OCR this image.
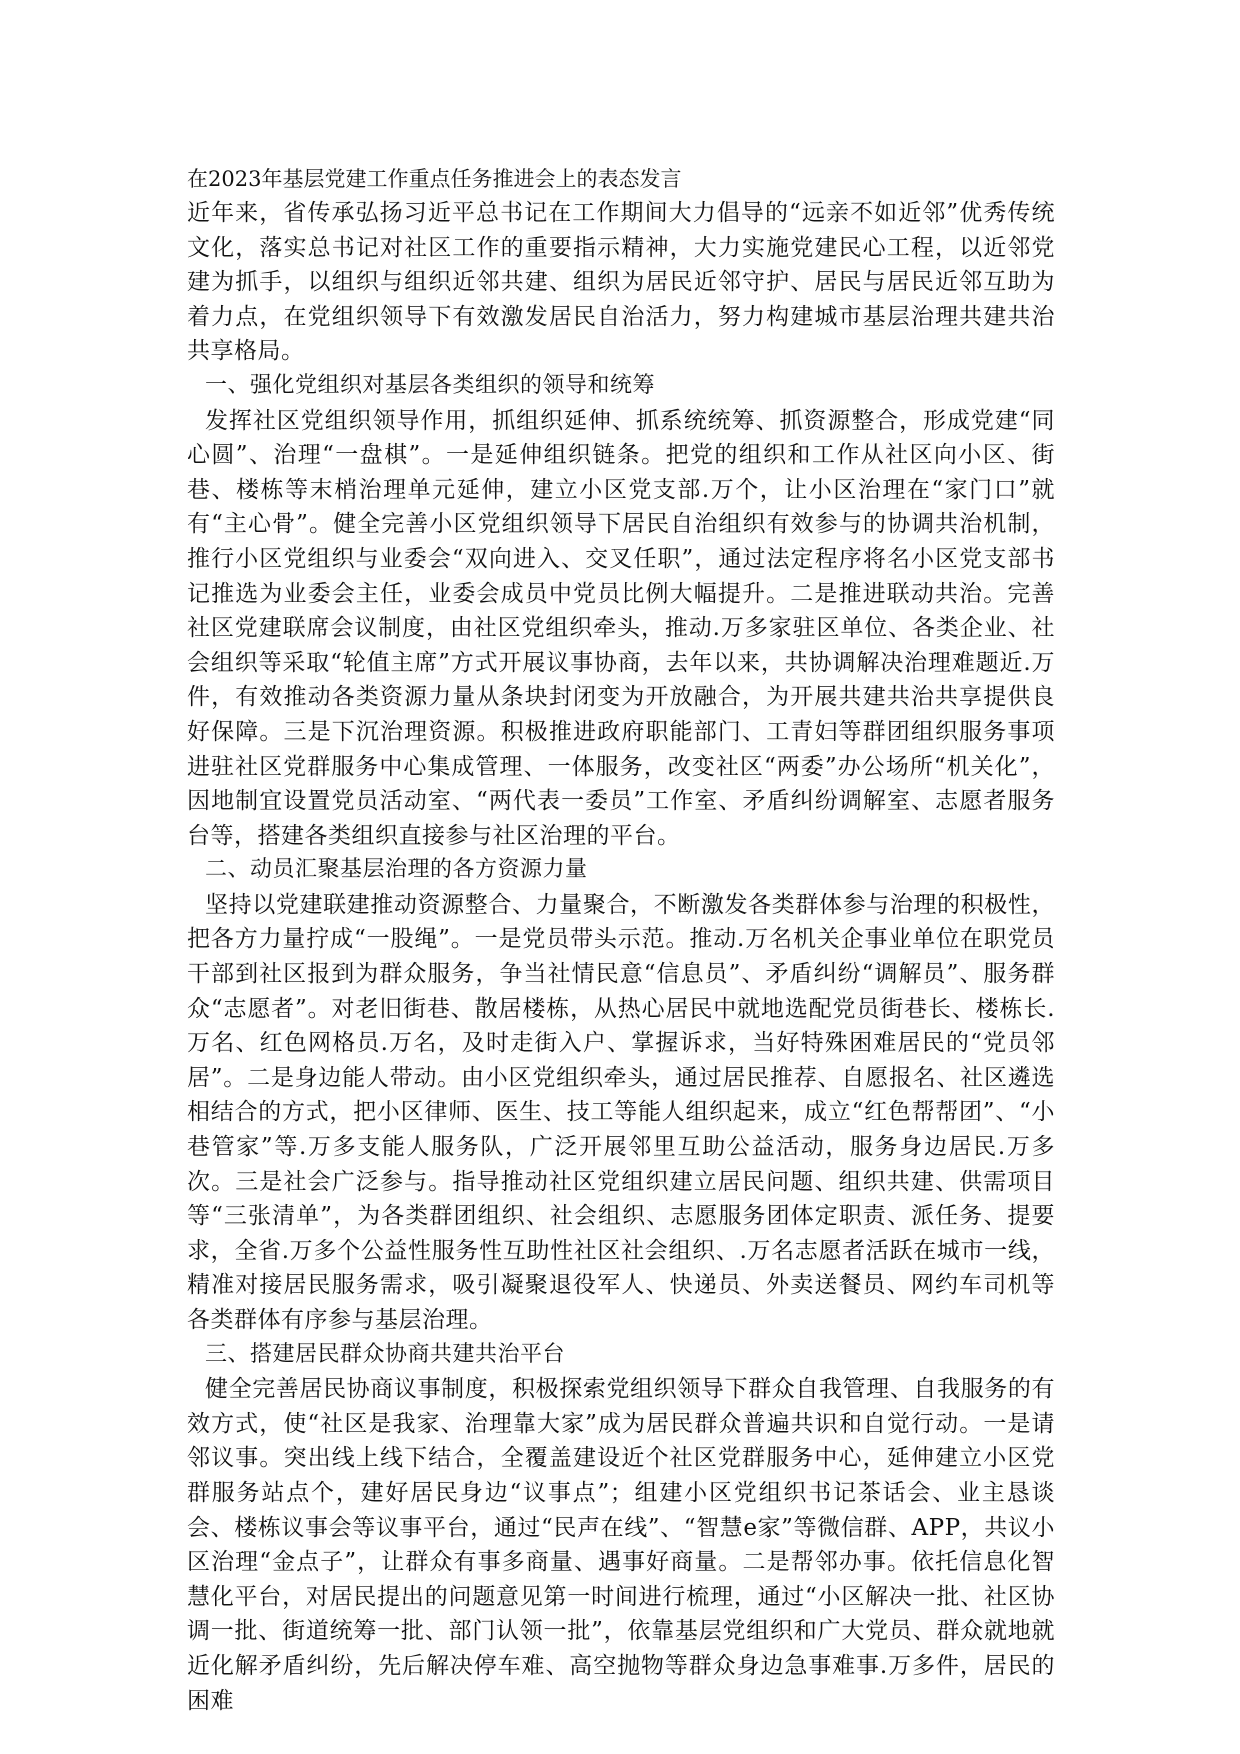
在2023年基层党建工作重点任务推进会上的表态发言

近年来，省传承弘扬习近平总书记在工作期间大力倡导的“远亲不如近邻”优秀传统文化，落实总书记对社区工作的重要指示精神，大力实施党建民心工程，以近邻党建为抓手，以组织与组织近邻共建、组织为居民近邻守护、居民与居民近邻互助为着力点，在党组织领导下有效激发居民自治活力，努力构建城市基层治理共建共治共享格局。

一、强化党组织对基层各类组织的领导和统筹

发挥社区党组织领导作用，抓组织延伸、抓系统统筹、抓资源整合，形成党建“同心圆”、治理“一盘棋”。一是延伸组织链条。把党的组织和工作从社区向小区、街巷、楼栋等末梢治理单元延伸，建立小区党支部.万个，让小区治理在“家门口”就有“主心骨”。健全完善小区党组织领导下居民自治组织有效参与的协调共治机制，推行小区党组织与业委会“双向进入、交叉任职”，通过法定程序将名小区党支部书记推选为业委会主任，业委会成员中党员比例大幅提升。二是推进联动共治。完善社区党建联席会议制度，由社区党组织牵头，推动.万多家驻区单位、各类企业、社会组织等采取“轮值主席”方式开展议事协商，去年以来，共协调解决治理难题近.万件，有效推动各类资源力量从条块封闭变为开放融合，为开展共建共治共享提供良好保障。三是下沉治理资源。积极推进政府职能部门、工青妇等群团组织服务事项进驻社区党群服务中心集成管理、一体服务，改变社区“两委”办公场所“机关化”，因地制宜设置党员活动室、“两代表一委员”工作室、矛盾纠纷调解室、志愿者服务台等，搭建各类组织直接参与社区治理的平台。

二、动员汇聚基层治理的各方资源力量

坚持以党建联建推动资源整合、力量聚合，不断激发各类群体参与治理的积极性，把各方力量拧成“一股绳”。一是党员带头示范。推动.万名机关企事业单位在职党员干部到社区报到为群众服务，争当社情民意“信息员”、矛盾纠纷“调解员”、服务群众“志愿者”。对老旧街巷、散居楼栋，从热心居民中就地选配党员街巷长、楼栋长.万名、红色网格员.万名，及时走街入户、掌握诉求，当好特殊困难居民的“党员邻居”。二是身边能人带动。由小区党组织牵头，通过居民推荐、自愿报名、社区遴选相结合的方式，把小区律师、医生、技工等能人组织起来，成立“红色帮帮团”、“小巷管家”等.万多支能人服务队，广泛开展邻里互助公益活动，服务身边居民.万多次。三是社会广泛参与。指导推动社区党组织建立居民问题、组织共建、供需项目等“三张清单”，为各类群团组织、社会组织、志愿服务团体定职责、派任务、提要求，全省.万多个公益性服务性互助性社区社会组织、.万名志愿者活跃在城市一线，精准对接居民服务需求，吸引凝聚退役军人、快递员、外卖送餐员、网约车司机等各类群体有序参与基层治理。

三、搭建居民群众协商共建共治平台

健全完善居民协商议事制度，积极探索党组织领导下群众自我管理、自我服务的有效方式，使“社区是我家、治理靠大家”成为居民群众普遍共识和自觉行动。一是请邻议事。突出线上线下结合，全覆盖建设近个社区党群服务中心，延伸建立小区党群服务站点个，建好居民身边“议事点”；组建小区党组织书记茶话会、业主恳谈会、楼栋议事会等议事平台，通过“民声在线”、“智慧e家”等微信群、APP，共议小区治理“金点子”，让群众有事多商量、遇事好商量。二是帮邻办事。依托信息化智慧化平台，对居民提出的问题意见第一时间进行梳理，通过“小区解决一批、社区协调一批、街道统筹一批、部门认领一批”，依靠基层党组织和广大党员、群众就地就近化解矛盾纠纷，先后解决停车难、高空抛物等群众身边急事难事.万多件，居民的困难
